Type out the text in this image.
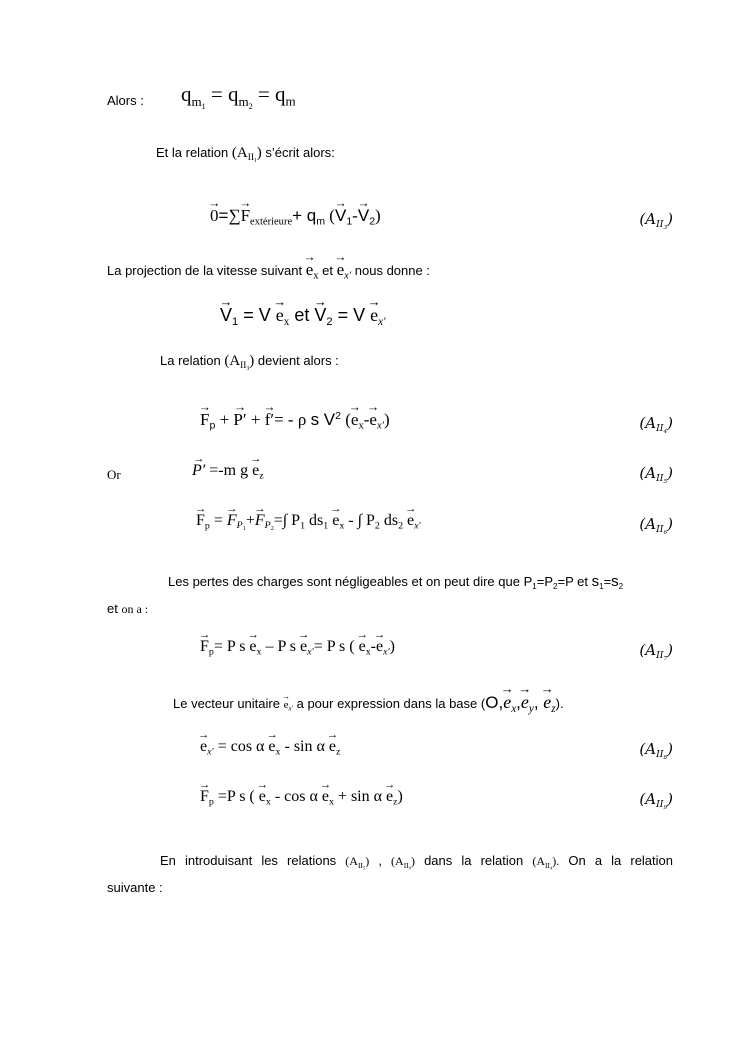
Alors : $q_{m_1} = q_{m_2} = q_m$
Et la relation $(A_{II_1})$ s’écrit alors:
→ $0=\sum\to F_{extérieure}+ q_m$ (→ $V_1-\to V_2$)	$(A_{II_3})$
La projection de la vitesse suivant → $e_x$ et → $e_{x'}$ nous donne :
→ $V_1 = V \to e_x$ et → $V_2 = V \to e_{x'}$
La relation $(A_{II_3})$ devient alors :
→ $F_p$ + → P′ + → f′= - ρ s $V^2$ (→ $e_x-\to e_{x'}$)	$(A_{II_4})$
Or	→ P′ =-m $g \to e_z$	$(A_{II_5})$
→ $F_p$ = → $F_{P_1}+\to F_{P_2}=\int$ $P_1$ $ds_1 \to e_x$ - ∫ $P_2$ $ds_2 \to e_{x'}$	$(A_{II_6})$
Les pertes des charges sont négligeables et on peut dire que $P_1=P_2=P$ et $s_1=s_2$
et on a :
→ $F_p= P$ $s \to e_x - P$ $s \to e_{x'}= P$ s ( → $e_x-\to e_{x'}$)	$(A_{II_7})$
Le vecteur unitaire → $e_{x'}$ a pour expression dans la base ($O,\to e_x,\to e_y$, → $e_z$).
→ $e_{x'} = \cos \alpha \to e_x - \sin \alpha \to e_z$	$(A_{II_8})$
→ $F_p =P$ s ( → $e_x - \cos \alpha \to e_x + \sin \alpha \to e_z$)	$(A_{II_9})$
En introduisant les relations $(A_{II_5})$ , $(A_{II_9})$ dans la relation $(A_{II_4})$. On a la relation
suivante :
